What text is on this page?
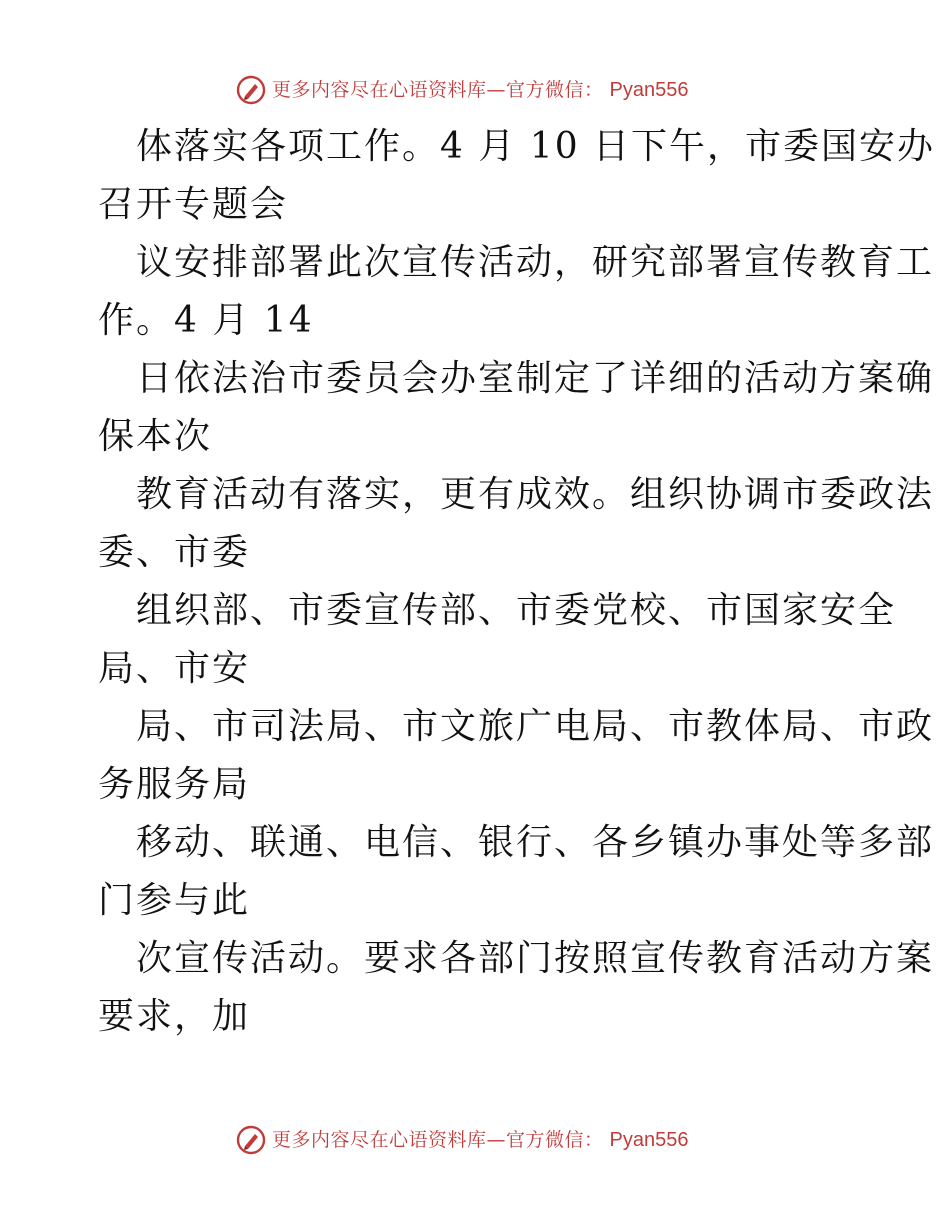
更多内容尽在心语资料库—官方微信： Pyan556
体落实各项工作。4 月 10 日下午，市委国安办
召开专题会
议安排部署此次宣传活动，研究部署宣传教育工
作。4 月 14
日依法治市委员会办室制定了详细的活动方案确
保本次
教育活动有落实，更有成效。组织协调市委政法
委、市委
组织部、市委宣传部、市委党校、市国家安全
局、市安
局、市司法局、市文旅广电局、市教体局、市政
务服务局
移动、联通、电信、银行、各乡镇办事处等多部
门参与此
次宣传活动。要求各部门按照宣传教育活动方案
要求，加
更多内容尽在心语资料库—官方微信： Pyan556
